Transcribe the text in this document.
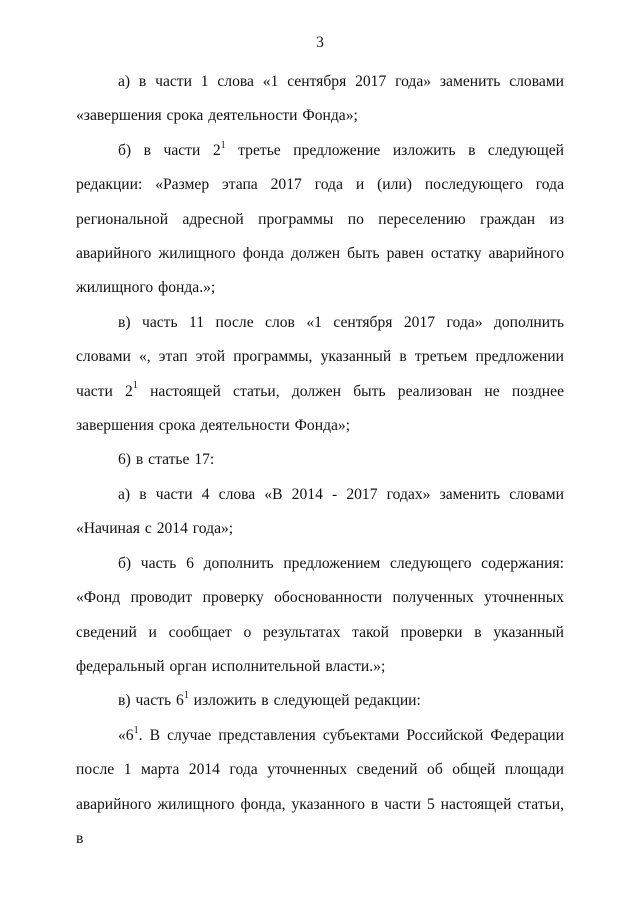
3

а) в части 1 слова «1 сентября 2017 года» заменить словами «завершения срока деятельности Фонда»;

б) в части $2^1$ третье предложение изложить в следующей редакции: «Размер этапа 2017 года и (или) последующего года региональной адресной программы по переселению граждан из аварийного жилищного фонда должен быть равен остатку аварийного жилищного фонда.»;

в) часть 11 после слов «1 сентября 2017 года» дополнить словами «, этап этой программы, указанный в третьем предложении части $2^1$ настоящей статьи, должен быть реализован не позднее завершения срока деятельности Фонда»;

6) в статье 17:

а) в части 4 слова «В 2014 - 2017 годах» заменить словами «Начиная с 2014 года»;

б) часть 6 дополнить предложением следующего содержания: «Фонд проводит проверку обоснованности полученных уточненных сведений и сообщает о результатах такой проверки в указанный федеральный орган исполнительной власти.»;

в) часть $6^1$ изложить в следующей редакции:

«$6^1$. В случае представления субъектами Российской Федерации после 1 марта 2014 года уточненных сведений об общей площади аварийного жилищного фонда, указанного в части 5 настоящей статьи, в
